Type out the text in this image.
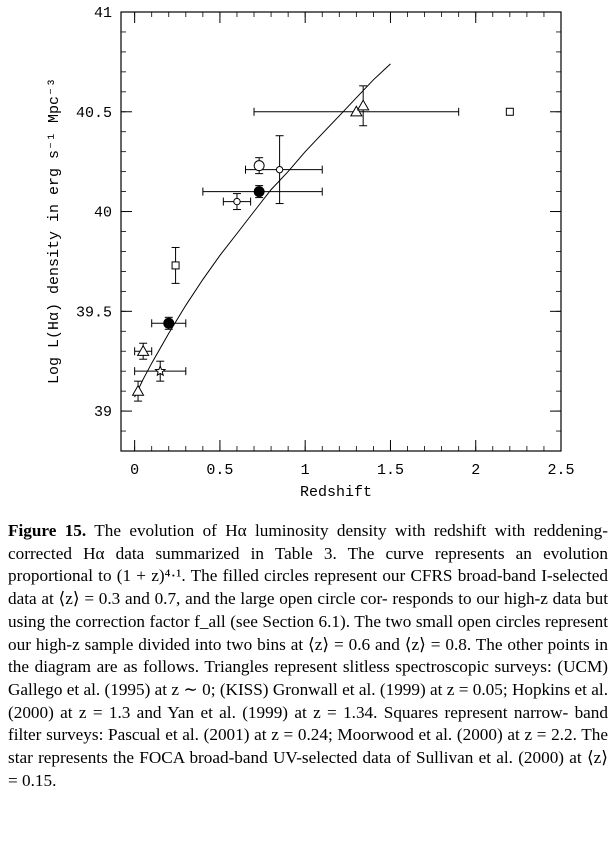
0	0.5	1	1.5	2	2.5
39
39.5
40
40.5
41
Redshift
Log L(Hα) density in erg s⁻¹ Mpc⁻³
Figure 15. The evolution of Hα luminosity density with redshift with reddening-corrected Hα data summarized in Table 3. The curve represents an evolution proportional to (1 + z)⁴·¹. The filled circles represent our CFRS broad-band I-selected data at ⟨z⟩ = 0.3 and 0.7, and the large open circle cor- responds to our high-z data but using the correction factor f_all (see Section 6.1). The two small open circles represent our high-z sample divided into two bins at ⟨z⟩ = 0.6 and ⟨z⟩ = 0.8. The other points in the diagram are as follows. Triangles represent slitless spectroscopic surveys: (UCM) Gallego et al. (1995) at z ∼ 0; (KISS) Gronwall et al. (1999) at z = 0.05; Hopkins et al. (2000) at z = 1.3 and Yan et al. (1999) at z = 1.34. Squares represent narrow- band filter surveys: Pascual et al. (2001) at z = 0.24; Moorwood et al. (2000) at z = 2.2. The star represents the FOCA broad-band UV-selected data of Sullivan et al. (2000) at ⟨z⟩ = 0.15.
